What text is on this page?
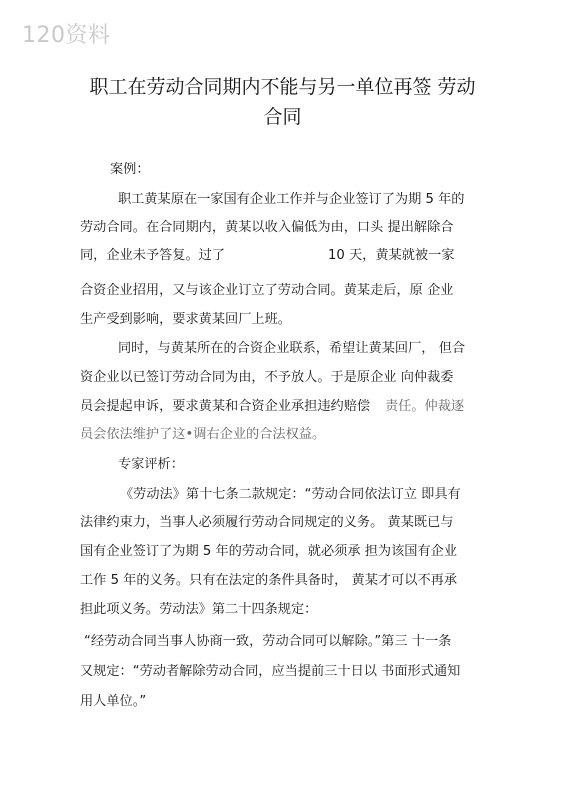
120资料
职工在劳动合同期内不能与另一单位再签 劳动
合同
案例：
职工黄某原在一家国有企业工作并与企业签订了为期 5 年的
劳动合同。在合同期内，黄某以收入偏低为由，口头 提出解除合
同，企业未予答复。过了	10 天，黄某就被一家
合资企业招用，又与该企业订立了劳动合同。黄某走后，原 企业
生产受到影响，要求黄某回厂上班。
同时，与黄某所在的合资企业联系，希望让黄某回厂， 但合
资企业以已签订劳动合同为由，不予放人。于是原企业 向仲裁委
员会提起申诉，要求黄某和合资企业承担违约赔偿 责任。仲裁逐
员会依法维护了这•调右企业的合法权益。
专家评析：
《劳动法》第十七条二款规定：“劳动合同依法订立 即具有
法律约束力，当事人必须履行劳动合同规定的义务。 黄某既已与
国有企业签订了为期 5 年的劳动合同，就必须承 担为该国有企业
工作 5 年的义务。只有在法定的条件具备时， 黄某才可以不再承
担此项义务。劳动法》第二十四条规定：
“经劳动合同当事人协商一致，劳动合同可以解除。”第三 十一条
又规定：“劳动者解除劳动合同，应当提前三十日以 书面形式通知
用人单位。”
